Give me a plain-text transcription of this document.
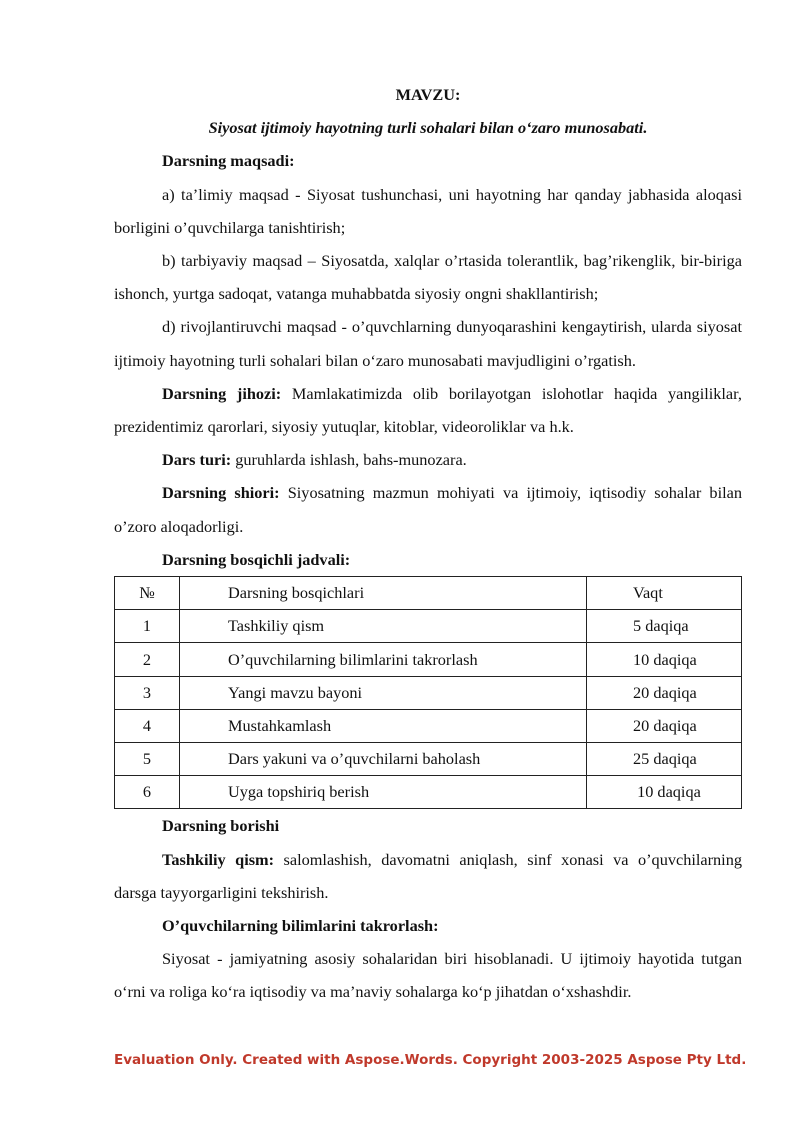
MAVZU:

Siyosat ijtimoiy hayotning turli sohalari bilan o‘zaro munosabati.

Darsning maqsadi:

a) ta’limiy maqsad - Siyosat tushunchasi, uni hayotning har qanday jabhasida aloqasi borligini o’quvchilarga tanishtirish;

b) tarbiyaviy maqsad – Siyosatda, xalqlar o’rtasida tolerantlik, bag’rikenglik, bir-biriga ishonch, yurtga sadoqat, vatanga muhabbatda siyosiy ongni shakllantirish;

d) rivojlantiruvchi maqsad - o’quvchlarning dunyoqarashini kengaytirish, ularda siyosat ijtimoiy hayotning turli sohalari bilan o‘zaro munosabati mavjudligini o’rgatish.

Darsning jihozi: Mamlakatimizda olib borilayotgan islohotlar haqida yangiliklar, prezidentimiz qarorlari, siyosiy yutuqlar, kitoblar, videoroliklar va h.k.

Dars turi: guruhlarda ishlash, bahs-munozara.

Darsning shiori: Siyosatning mazmun mohiyati va ijtimoiy, iqtisodiy sohalar bilan o’zoro aloqadorligi.

Darsning bosqichli jadvali:

№	Darsning bosqichlari	Vaqt
1	Tashkiliy qism	5 daqiqa
2	O’quvchilarning bilimlarini takrorlash	10 daqiqa
3	Yangi mavzu bayoni	20 daqiqa
4	Mustahkamlash	20 daqiqa
5	Dars yakuni va o’quvchilarni baholash	25 daqiqa
6	Uyga topshiriq berish	10 daqiqa

Darsning borishi

Tashkiliy qism: salomlashish, davomatni aniqlash, sinf xonasi va o’quvchilarning darsga tayyorgarligini tekshirish.

O’quvchilarning bilimlarini takrorlash:

Siyosat - jamiyatning asosiy sohalaridan biri hisoblanadi. U ijtimoiy hayotida tutgan o‘rni va roliga ko‘ra iqtisodiy va ma’naviy sohalarga ko‘p jihatdan o‘xshashdir.

Evaluation Only. Created with Aspose.Words. Copyright 2003-2025 Aspose Pty Ltd.
